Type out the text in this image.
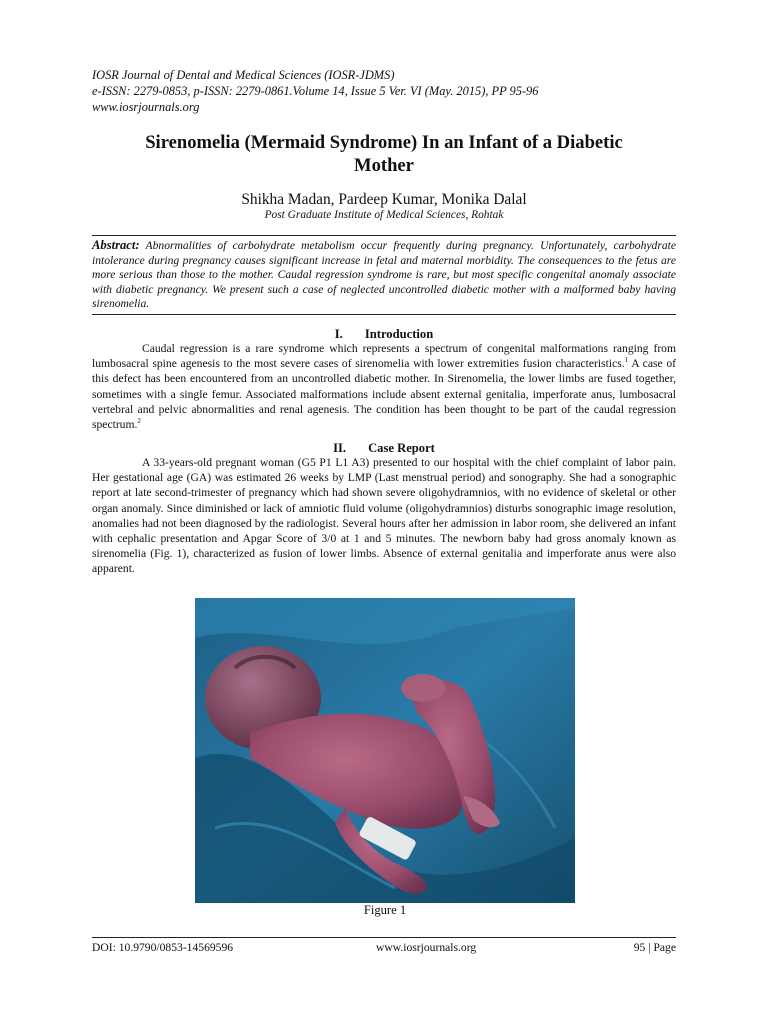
IOSR Journal of Dental and Medical Sciences (IOSR-JDMS)
e-ISSN: 2279-0853, p-ISSN: 2279-0861.Volume 14, Issue 5 Ver. VI (May. 2015), PP 95-96
www.iosrjournals.org
Sirenomelia (Mermaid Syndrome) In an Infant of a Diabetic
Mother
Shikha Madan, Pardeep Kumar, Monika Dalal
Post Graduate Institute of Medical Sciences, Rohtak
Abstract: Abnormalities of carbohydrate metabolism occur frequently during pregnancy. Unfortunately, carbohydrate intolerance during pregnancy causes significant increase in fetal and maternal morbidity. The consequences to the fetus are more serious than those to the mother. Caudal regression syndrome is rare, but most specific congenital anomaly associate with diabetic pregnancy. We present such a case of neglected uncontrolled diabetic mother with a malformed baby having sirenomelia.
I. Introduction

Caudal regression is a rare syndrome which represents a spectrum of congenital malformations ranging from lumbosacral spine agenesis to the most severe cases of sirenomelia with lower extremities fusion characteristics.$^1$ A case of this defect has been encountered from an uncontrolled diabetic mother. In Sirenomelia, the lower limbs are fused together, sometimes with a single femur. Associated malformations include absent external genitalia, imperforate anus, lumbosacral vertebral and pelvic abnormalities and renal agenesis. The condition has been thought to be part of the caudal regression spectrum.$^2$

II. Case Report

A 33-years-old pregnant woman (G5 P1 L1 A3) presented to our hospital with the chief complaint of labor pain. Her gestational age (GA) was estimated 26 weeks by LMP (Last menstrual period) and sonography. She had a sonographic report at late second-trimester of pregnancy which had shown severe oligohydramnios, with no evidence of skeletal or other organ anomaly. Since diminished or lack of amniotic fluid volume (oligohydramnios) disturbs sonographic image resolution, anomalies had not been diagnosed by the radiologist. Several hours after her admission in labor room, she delivered an infant with cephalic presentation and Apgar Score of 3/0 at 1 and 5 minutes. The newborn baby had gross anomaly known as sirenomelia (Fig. 1), characterized as fusion of lower limbs. Absence of external genitalia and imperforate anus were also apparent.

Figure 1
DOI: 10.9790/0853-14569596	www.iosrjournals.org	95 | Page
